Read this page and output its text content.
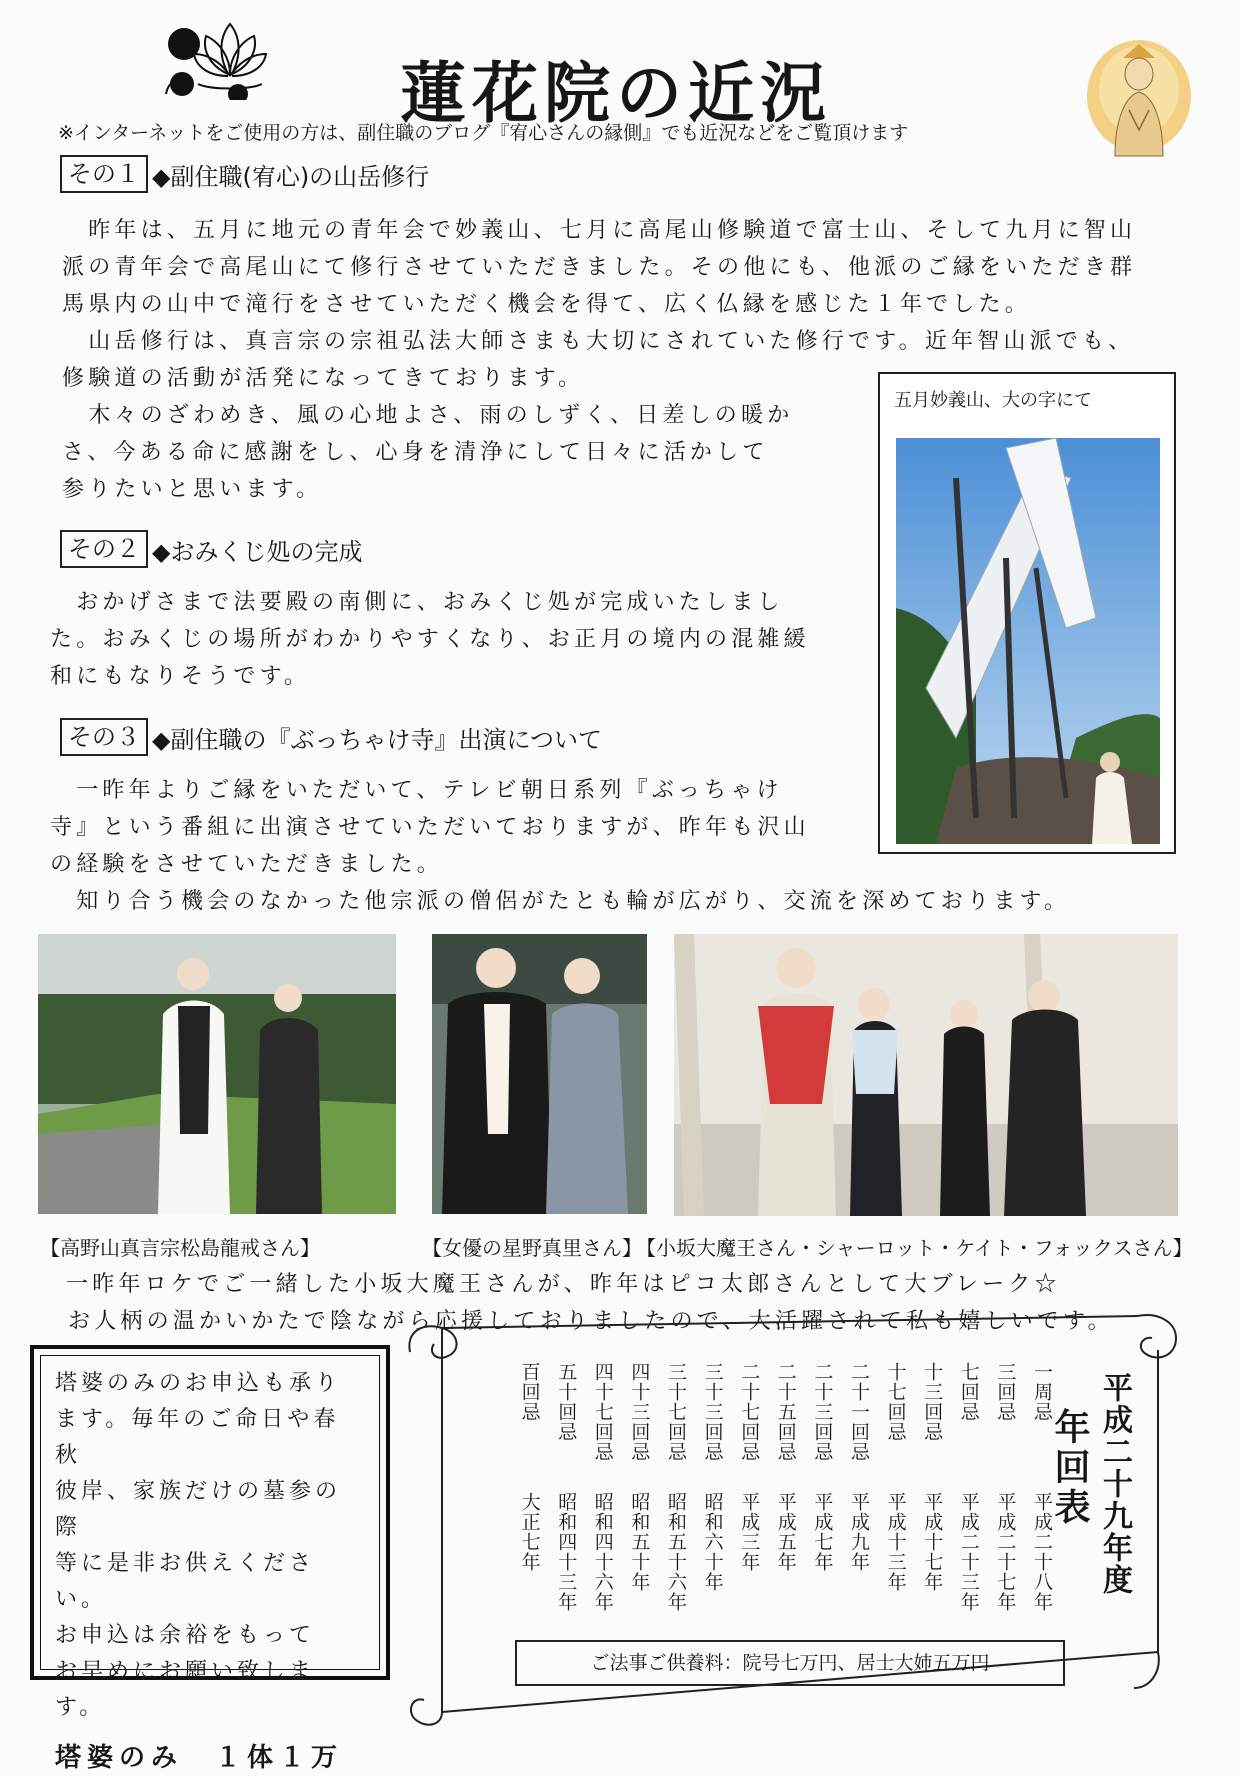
蓮花院の近況
※インターネットをご使用の方は、副住職のブログ『宥心さんの縁側』でも近況などをご覧頂けます
その１ ◆副住職(宥心)の山岳修行

　昨年は、五月に地元の青年会で妙義山、七月に高尾山修験道で富士山、そして九月に智山

派の青年会で高尾山にて修行させていただきました。その他にも、他派のご縁をいただき群

馬県内の山中で滝行をさせていただく機会を得て、広く仏縁を感じた１年でした。

　山岳修行は、真言宗の宗祖弘法大師さまも大切にされていた修行です。近年智山派でも、

修験道の活動が活発になってきております。

　木々のざわめき、風の心地よさ、雨のしずく、日差しの暖か

さ、今ある命に感謝をし、心身を清浄にして日々に活かして

参りたいと思います。

五月妙義山、大の字にて
その２ ◆おみくじ処の完成

　おかげさまで法要殿の南側に、おみくじ処が完成いたしまし

た。おみくじの場所がわかりやすくなり、お正月の境内の混雑緩

和にもなりそうです。

その３ ◆副住職の『ぶっちゃけ寺』出演について

　一昨年よりご縁をいただいて、テレビ朝日系列『ぶっちゃけ

寺』という番組に出演させていただいておりますが、昨年も沢山

の経験をさせていただきました。

　知り合う機会のなかった他宗派の僧侶がたとも輪が広がり、交流を深めております。

【高野山真言宗松島龍戒さん】	【女優の星野真里さん】
【小坂大魔王さん・シャーロット・ケイト・フォックスさん】

一昨年ロケでご一緒した小坂大魔王さんが、昨年はピコ太郎さんとして大ブレーク☆

お人柄の温かいかたで陰ながら応援しておりましたので、大活躍されて私も嬉しいです。

塔婆のみのお申込も承り
ます。毎年のご命日や春秋
彼岸、家族だけの墓参の際
等に是非お供えください。
お申込は余裕をもって
お早めにお願い致します。
塔婆のみ　１体１万
一周忌
平成二十八年
三回忌
平成二十七年
七回忌
平成二十三年
十三回忌
平成十七年
十七回忌
平成十三年
二十一回忌
平成九年
二十三回忌
平成七年
二十五回忌
平成五年
二十七回忌
平成三年
三十三回忌
昭和六十年
三十七回忌
昭和五十六年
四十三回忌
昭和五十年
四十七回忌
昭和四十六年
五十回忌
昭和四十三年
百回忌
大正七年	平成二十九年度
年回表
ご法事ご供養料：院号七万円、居士大姉五万円
